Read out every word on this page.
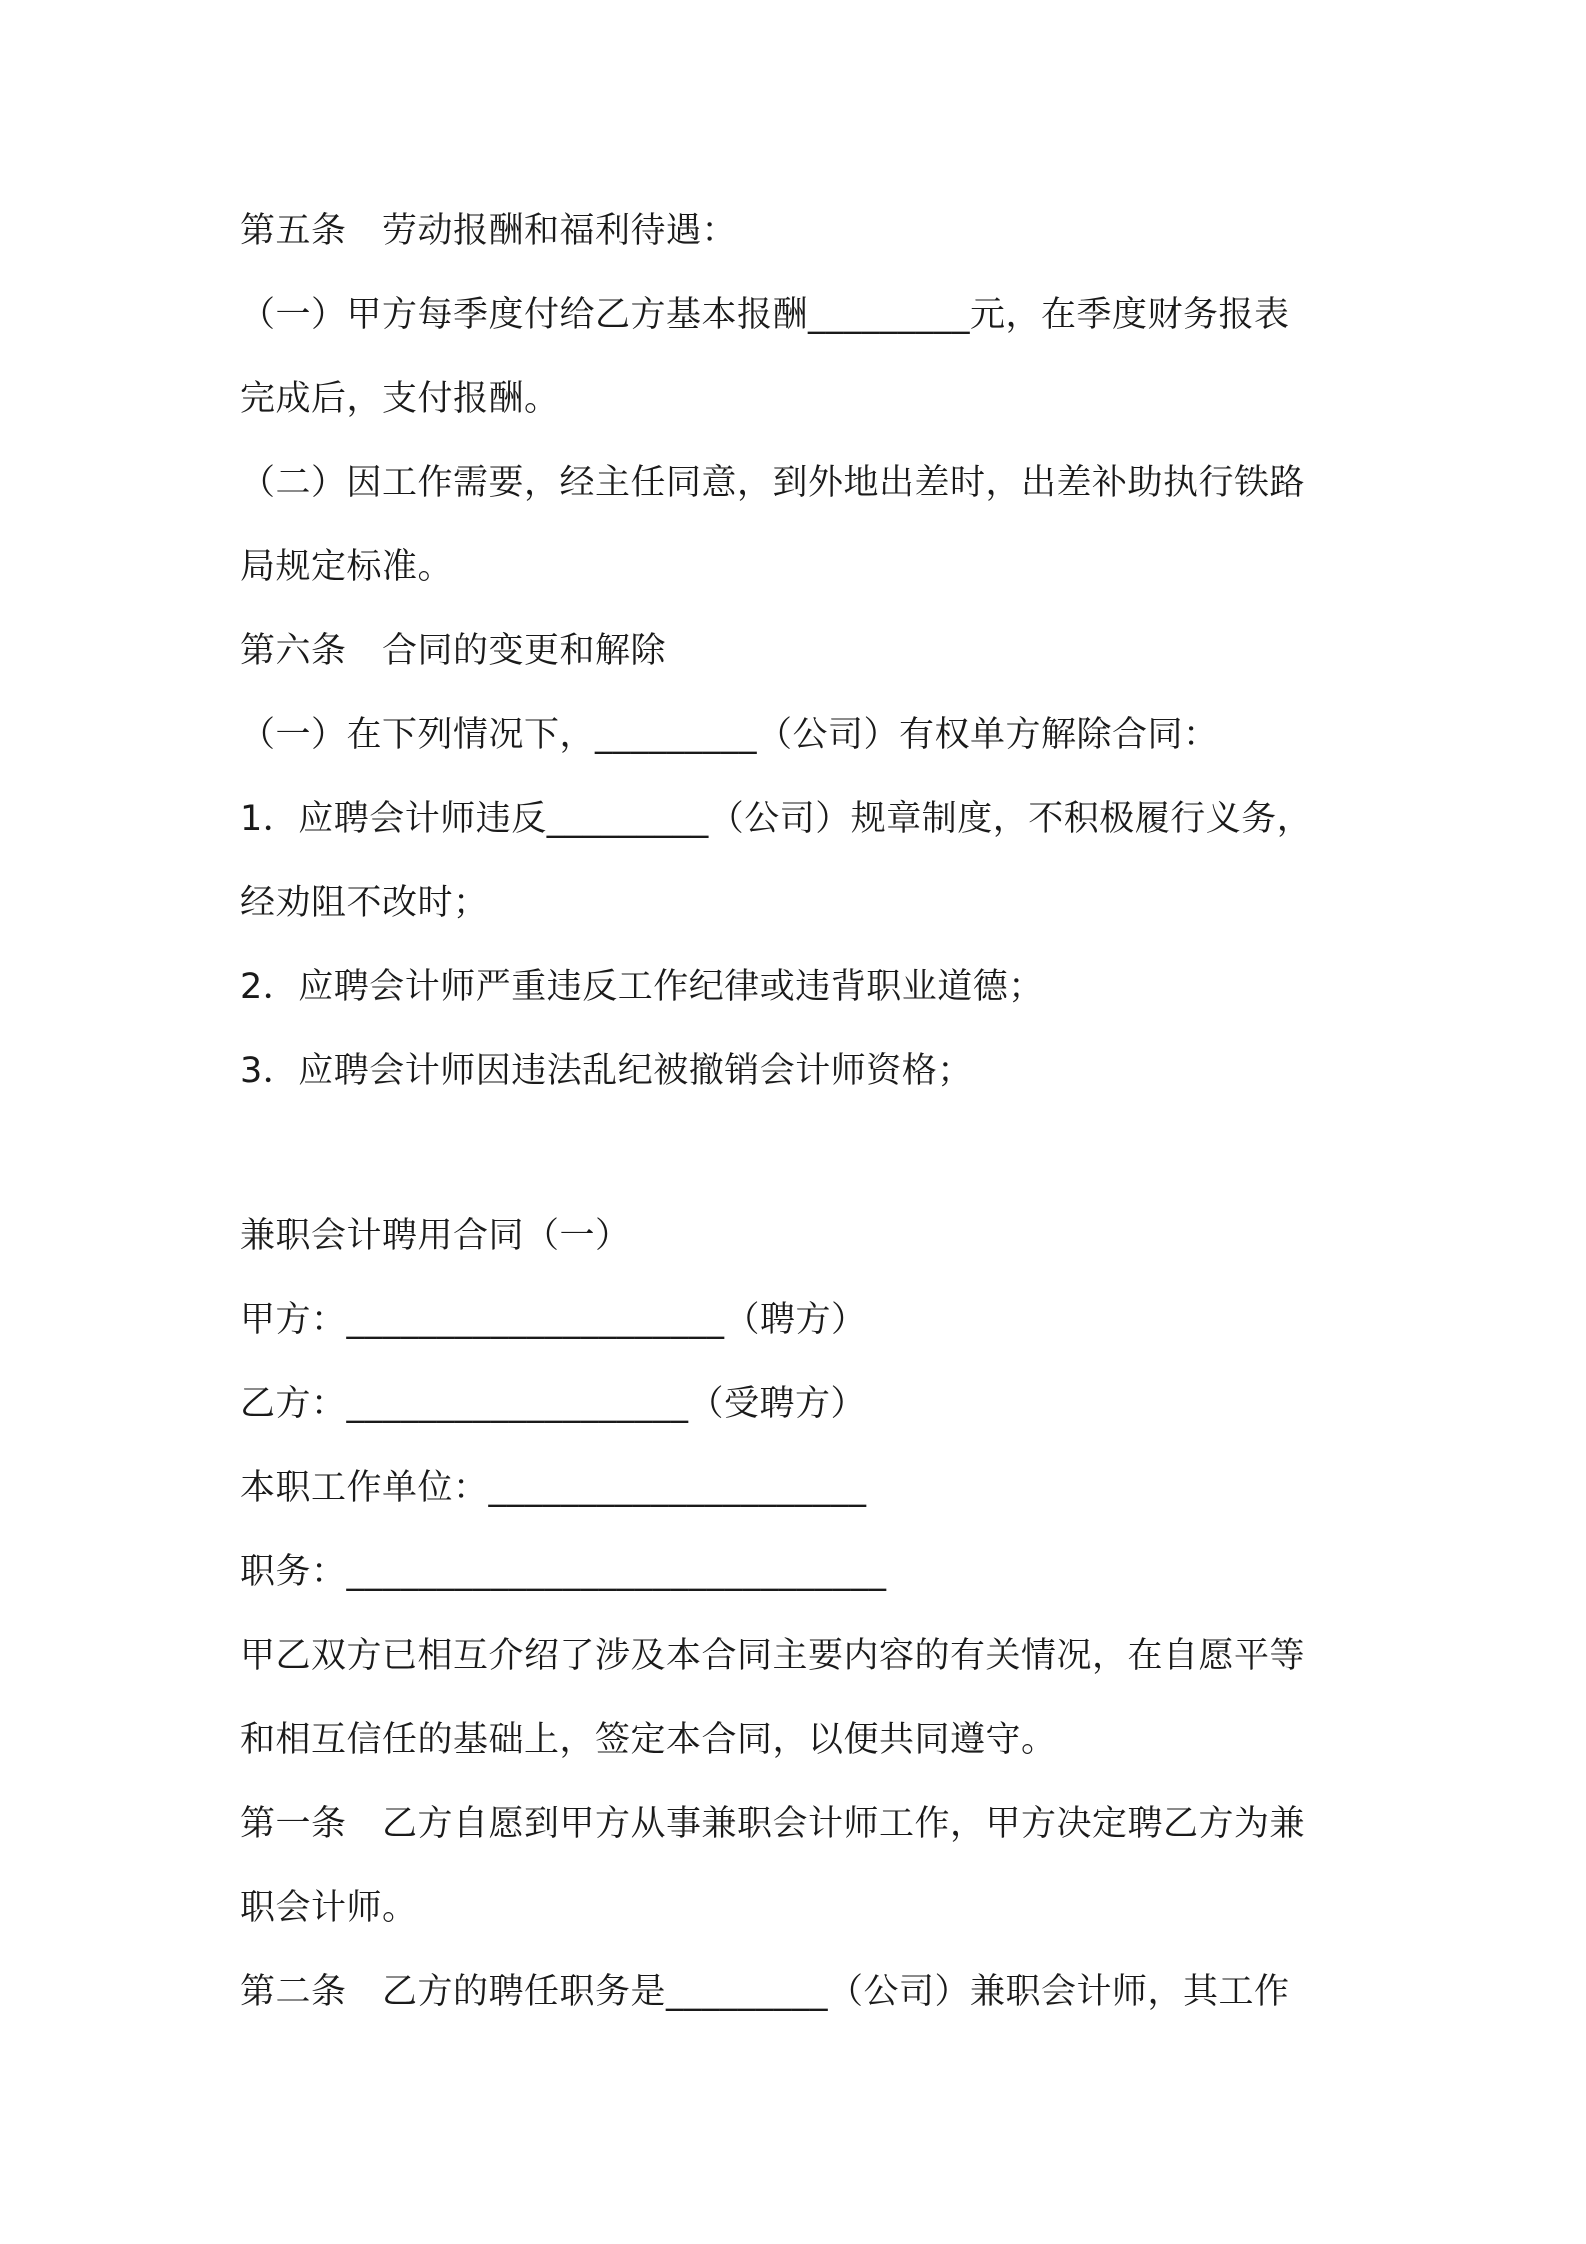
第五条　劳动报酬和福利待遇：
（一）甲方每季度付给乙方基本报酬_________元，在季度财务报表
完成后，支付报酬。
（二）因工作需要，经主任同意，到外地出差时，出差补助执行铁路
局规定标准。
第六条　合同的变更和解除
（一）在下列情况下，_________（公司）有权单方解除合同：
1．应聘会计师违反_________（公司）规章制度，不积极履行义务，
经劝阻不改时；
2．应聘会计师严重违反工作纪律或违背职业道德；
3．应聘会计师因违法乱纪被撤销会计师资格；
兼职会计聘用合同（一）
甲方：_____________________（聘方）
乙方：___________________（受聘方）
本职工作单位：_____________________
职务：______________________________
甲乙双方已相互介绍了涉及本合同主要内容的有关情况，在自愿平等
和相互信任的基础上，签定本合同，以便共同遵守。
第一条　乙方自愿到甲方从事兼职会计师工作，甲方决定聘乙方为兼
职会计师。
第二条　乙方的聘任职务是_________（公司）兼职会计师，其工作
